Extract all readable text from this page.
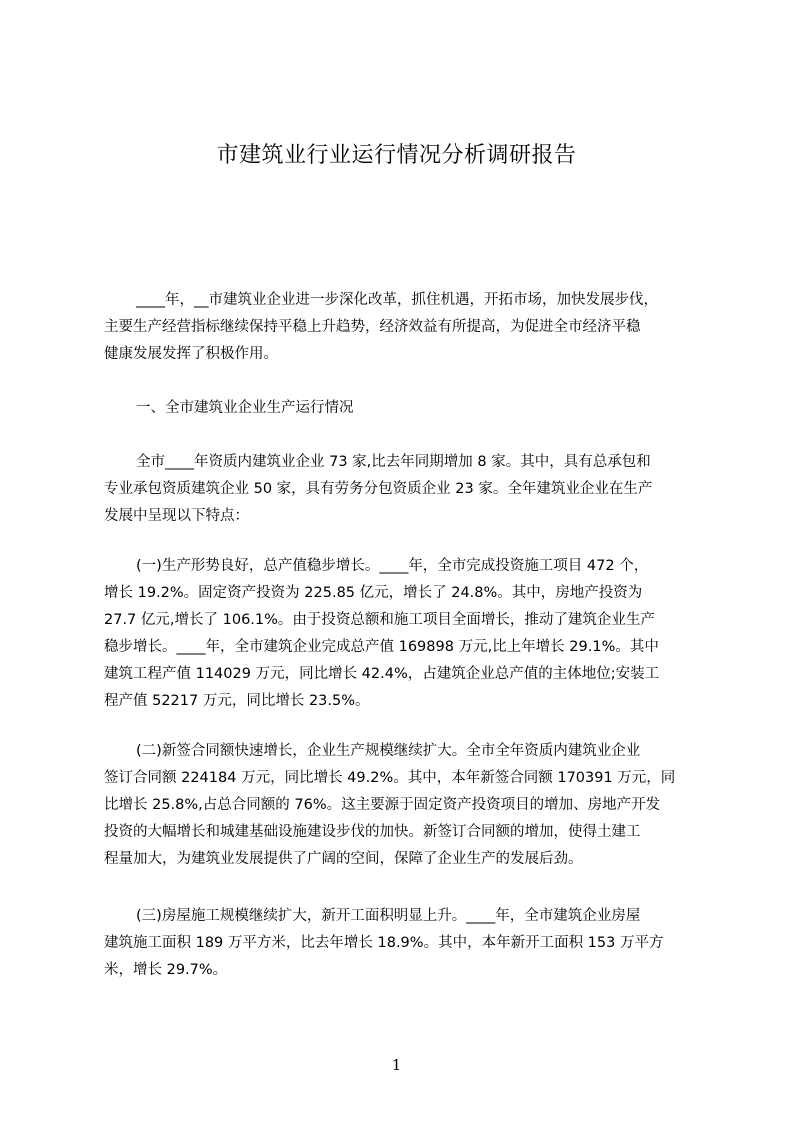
市建筑业行业运行情况分析调研报告
____年，__市建筑业企业进一步深化改革，抓住机遇，开拓市场，加快发展步伐，
主要生产经营指标继续保持平稳上升趋势，经济效益有所提高，为促进全市经济平稳
健康发展发挥了积极作用。
一、全市建筑业企业生产运行情况
全市____年资质内建筑业企业 73 家,比去年同期增加 8 家。其中，具有总承包和
专业承包资质建筑企业 50 家，具有劳务分包资质企业 23 家。全年建筑业企业在生产
发展中呈现以下特点：
(一)生产形势良好，总产值稳步增长。____年，全市完成投资施工项目 472 个，
增长 19.2%。固定资产投资为 225.85 亿元，增长了 24.8%。其中，房地产投资为
27.7 亿元,增长了 106.1%。由于投资总额和施工项目全面增长，推动了建筑企业生产
稳步增长。____年，全市建筑企业完成总产值 169898 万元,比上年增长 29.1%。其中
建筑工程产值 114029 万元，同比增长 42.4%，占建筑企业总产值的主体地位;安装工
程产值 52217 万元，同比增长 23.5%。
(二)新签合同额快速增长，企业生产规模继续扩大。全市全年资质内建筑业企业
签订合同额 224184 万元，同比增长 49.2%。其中，本年新签合同额 170391 万元，同
比增长 25.8%,占总合同额的 76%。这主要源于固定资产投资项目的增加、房地产开发
投资的大幅增长和城建基础设施建设步伐的加快。新签订合同额的增加，使得土建工
程量加大，为建筑业发展提供了广阔的空间，保障了企业生产的发展后劲。
(三)房屋施工规模继续扩大，新开工面积明显上升。____年，全市建筑企业房屋
建筑施工面积 189 万平方米，比去年增长 18.9%。其中，本年新开工面积 153 万平方
米，增长 29.7%。
1
